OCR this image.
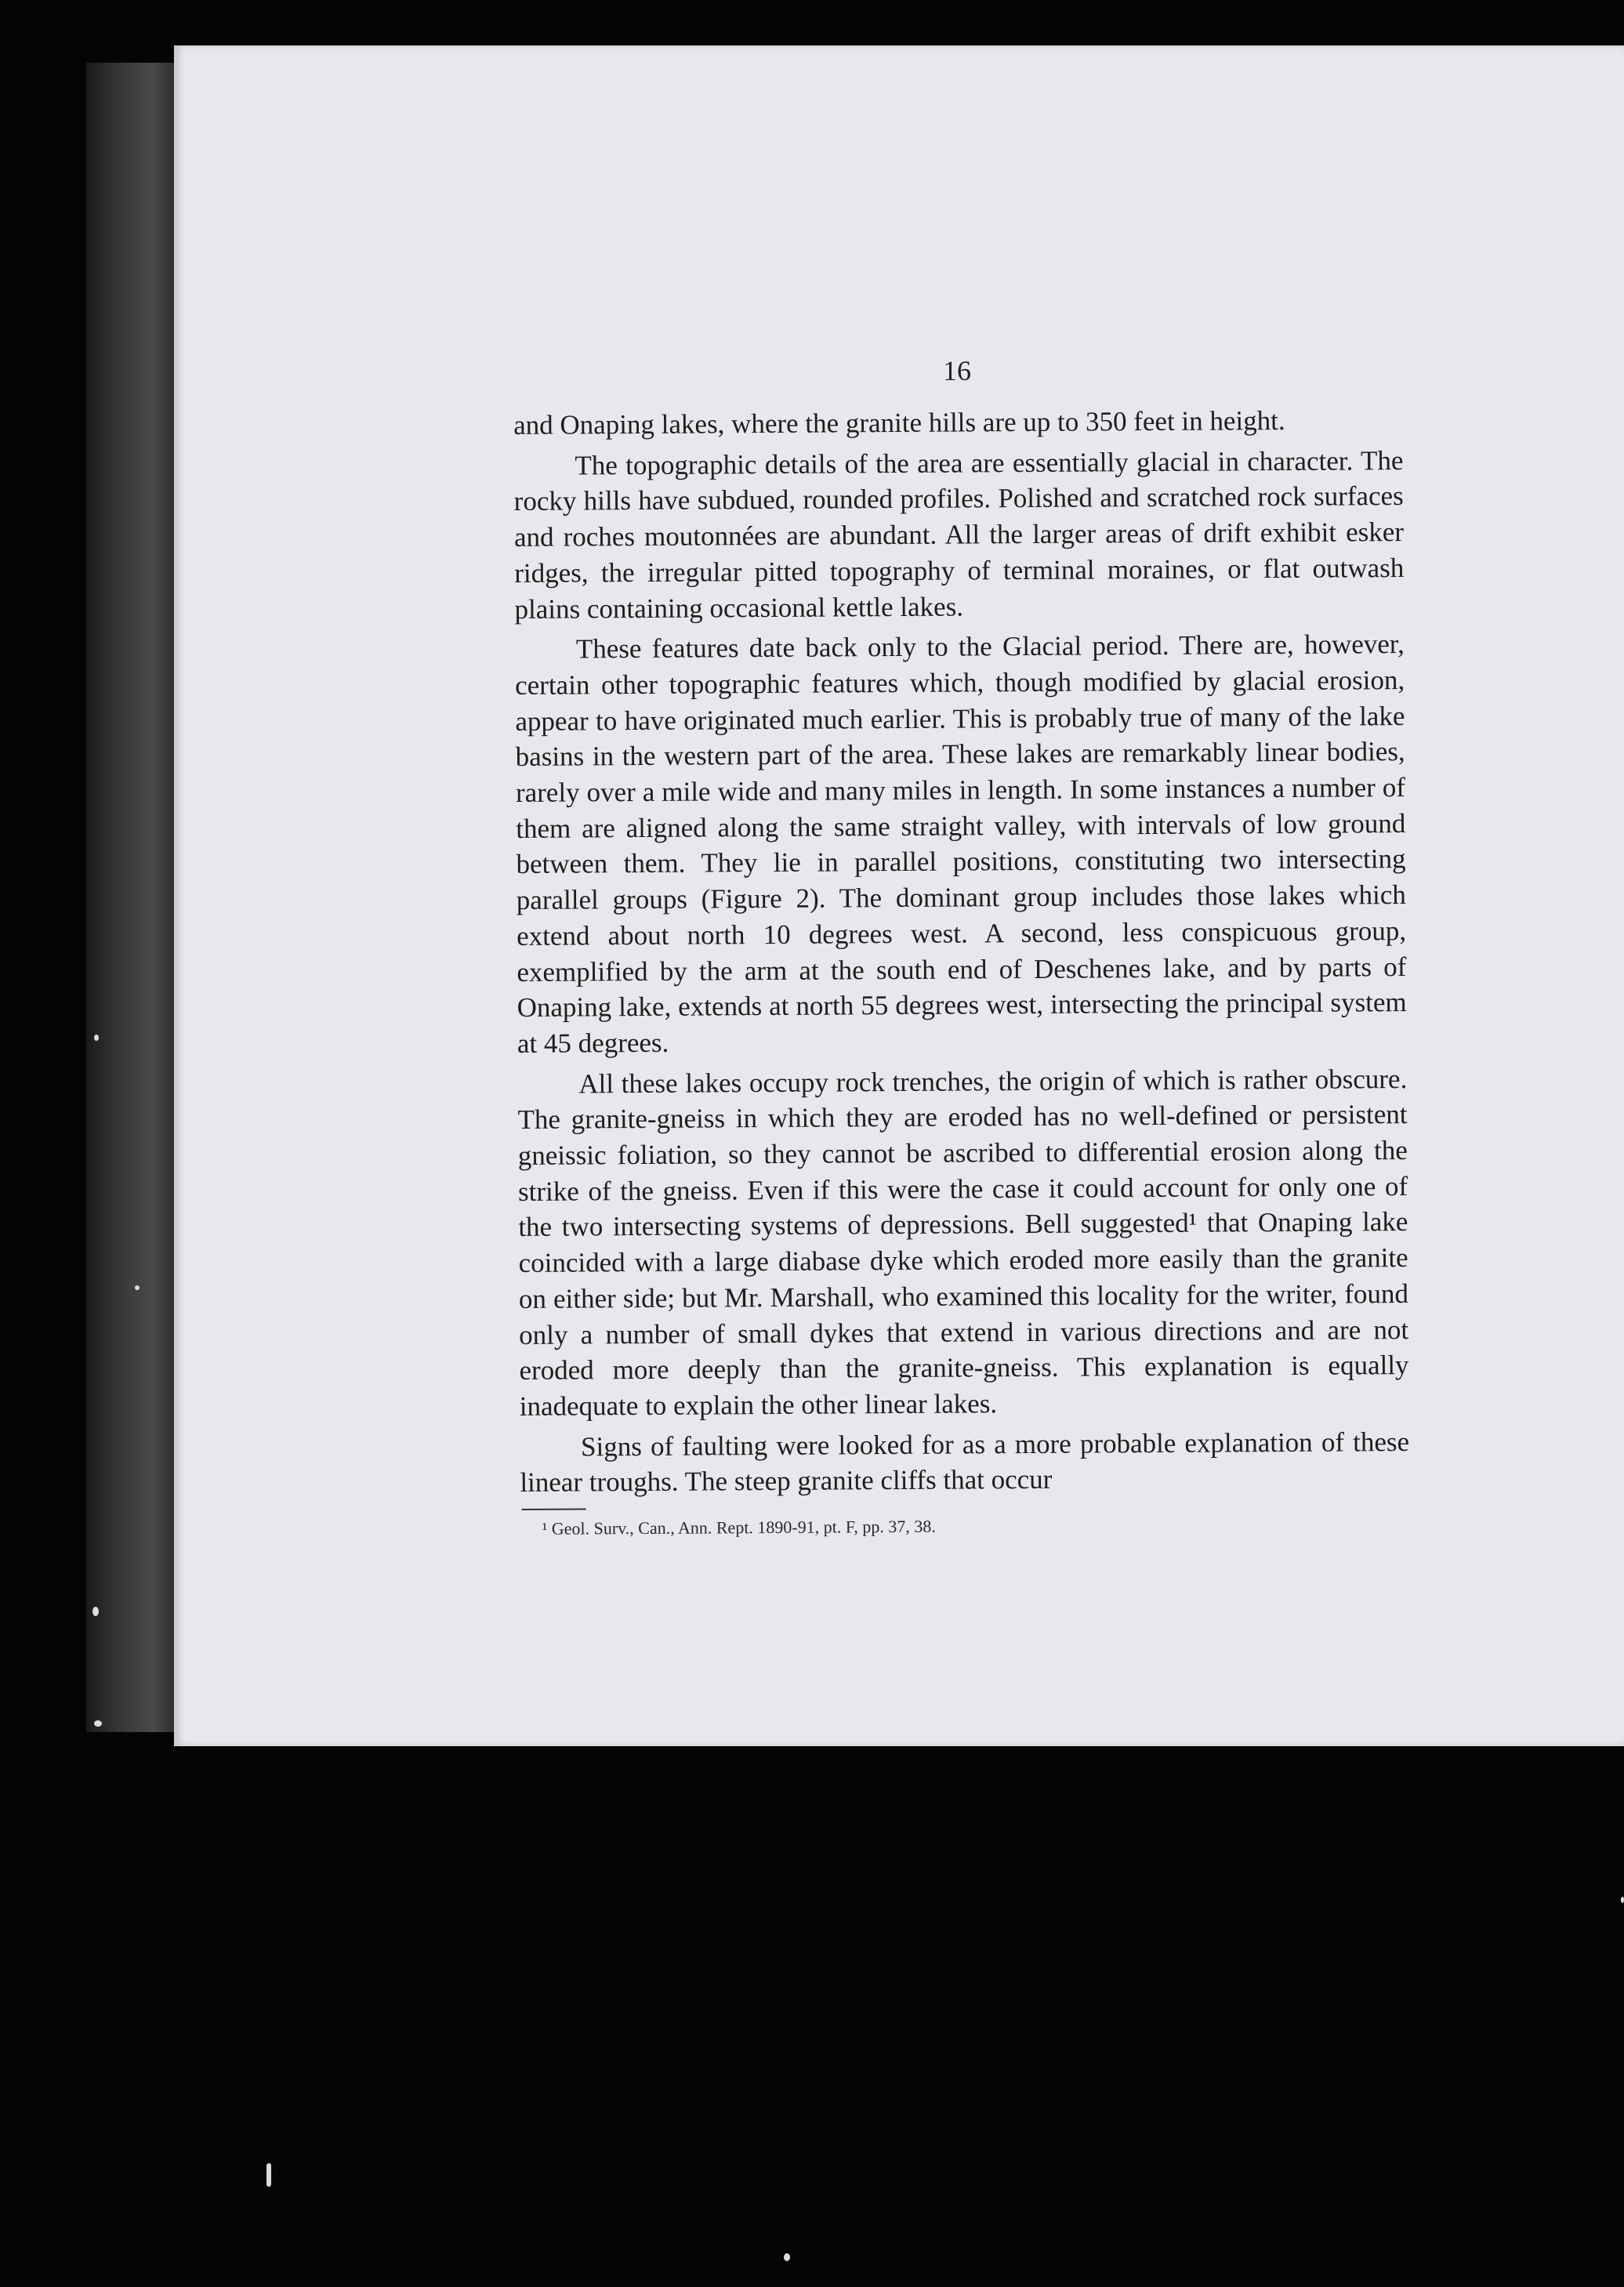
16

and Onaping lakes, where the granite hills are up to 350 feet in height.

The topographic details of the area are essentially glacial in character. The rocky hills have subdued, rounded profiles. Polished and scratched rock surfaces and roches moutonnées are abundant. All the larger areas of drift exhibit esker ridges, the irregular pitted topography of terminal moraines, or flat outwash plains containing occasional kettle lakes.

These features date back only to the Glacial period. There are, however, certain other topographic features which, though modified by glacial erosion, appear to have originated much earlier. This is probably true of many of the lake basins in the western part of the area. These lakes are remarkably linear bodies, rarely over a mile wide and many miles in length. In some instances a number of them are aligned along the same straight valley, with intervals of low ground between them. They lie in parallel positions, constituting two intersecting parallel groups (Figure 2). The dominant group includes those lakes which extend about north 10 degrees west. A second, less conspicuous group, exemplified by the arm at the south end of Deschenes lake, and by parts of Onaping lake, extends at north 55 degrees west, intersecting the principal system at 45 degrees.

All these lakes occupy rock trenches, the origin of which is rather obscure. The granite-gneiss in which they are eroded has no well-defined or persistent gneissic foliation, so they cannot be ascribed to differential erosion along the strike of the gneiss. Even if this were the case it could account for only one of the two intersecting systems of depressions. Bell suggested¹ that Onaping lake coincided with a large diabase dyke which eroded more easily than the granite on either side; but Mr. Marshall, who examined this locality for the writer, found only a number of small dykes that extend in various directions and are not eroded more deeply than the granite-gneiss. This explanation is equally inadequate to explain the other linear lakes.

Signs of faulting were looked for as a more probable explanation of these linear troughs. The steep granite cliffs that occur

¹ Geol. Surv., Can., Ann. Rept. 1890-91, pt. F, pp. 37, 38.
